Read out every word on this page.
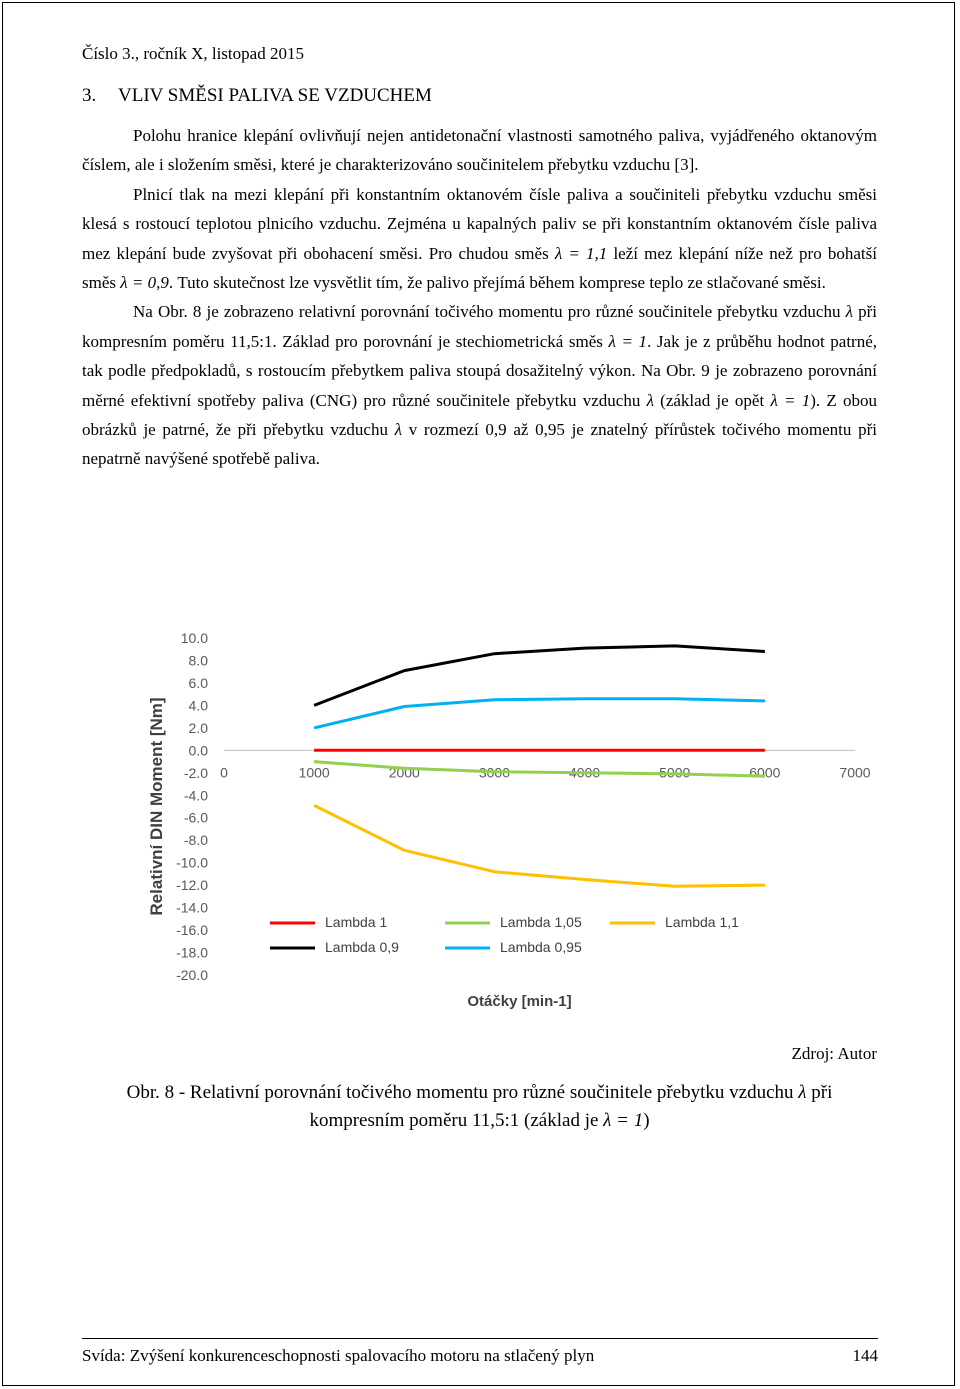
Číslo 3., ročník X, listopad 2015
3. VLIV SMĚSI PALIVA SE VZDUCHEM

Polohu hranice klepání ovlivňují nejen antidetonační vlastnosti samotného paliva, vyjádřeného oktanovým číslem, ale i složením směsi, které je charakterizováno součinitelem přebytku vzduchu [3].

Plnicí tlak na mezi klepání při konstantním oktanovém čísle paliva a součiniteli přebytku vzduchu směsi klesá s rostoucí teplotou plnicího vzduchu. Zejména u kapalných paliv se při konstantním oktanovém čísle paliva mez klepání bude zvyšovat při obohacení směsi. Pro chudou směs λ = 1,1 leží mez klepání níže než pro bohatší směs λ = 0,9. Tuto skutečnost lze vysvětlit tím, že palivo přejímá během komprese teplo ze stlačované směsi.

Na Obr. 8 je zobrazeno relativní porovnání točivého momentu pro různé součinitele přebytku vzduchu λ při kompresním poměru 11,5:1. Základ pro porovnání je stechiometrická směs λ = 1. Jak je z průběhu hodnot patrné, tak podle předpokladů, s rostoucím přebytkem paliva stoupá dosažitelný výkon. Na Obr. 9 je zobrazeno porovnání měrné efektivní spotřeby paliva (CNG) pro různé součinitele přebytku vzduchu λ (základ je opět λ = 1). Z obou obrázků je patrné, že při přebytku vzduchu λ v rozmezí 0,9 až 0,95 je znatelný přírůstek točivého momentu při nepatrně navýšené spotřebě paliva.

10.0
8.0
6.0
4.0
2.0
0.0
-2.0
-4.0
-6.0
-8.0
-10.0
-12.0
-14.0
-16.0
-18.0
-20.0
0	1000	2000	3000	4000	5000	6000	7000
Relativní DIN Moment [Nm]
Otáčky [min-1]
Lambda 1	Lambda 1,05	Lambda 1,1
Lambda 0,9	Lambda 0,95
Zdroj: Autor
Obr. 8 - Relativní porovnání točivého momentu pro různé součinitele přebytku vzduchu λ při kompresním poměru 11,5:1 (základ je λ = 1)
Svída: Zvýšení konkurenceschopnosti spalovacího motoru na stlačený plyn	144
